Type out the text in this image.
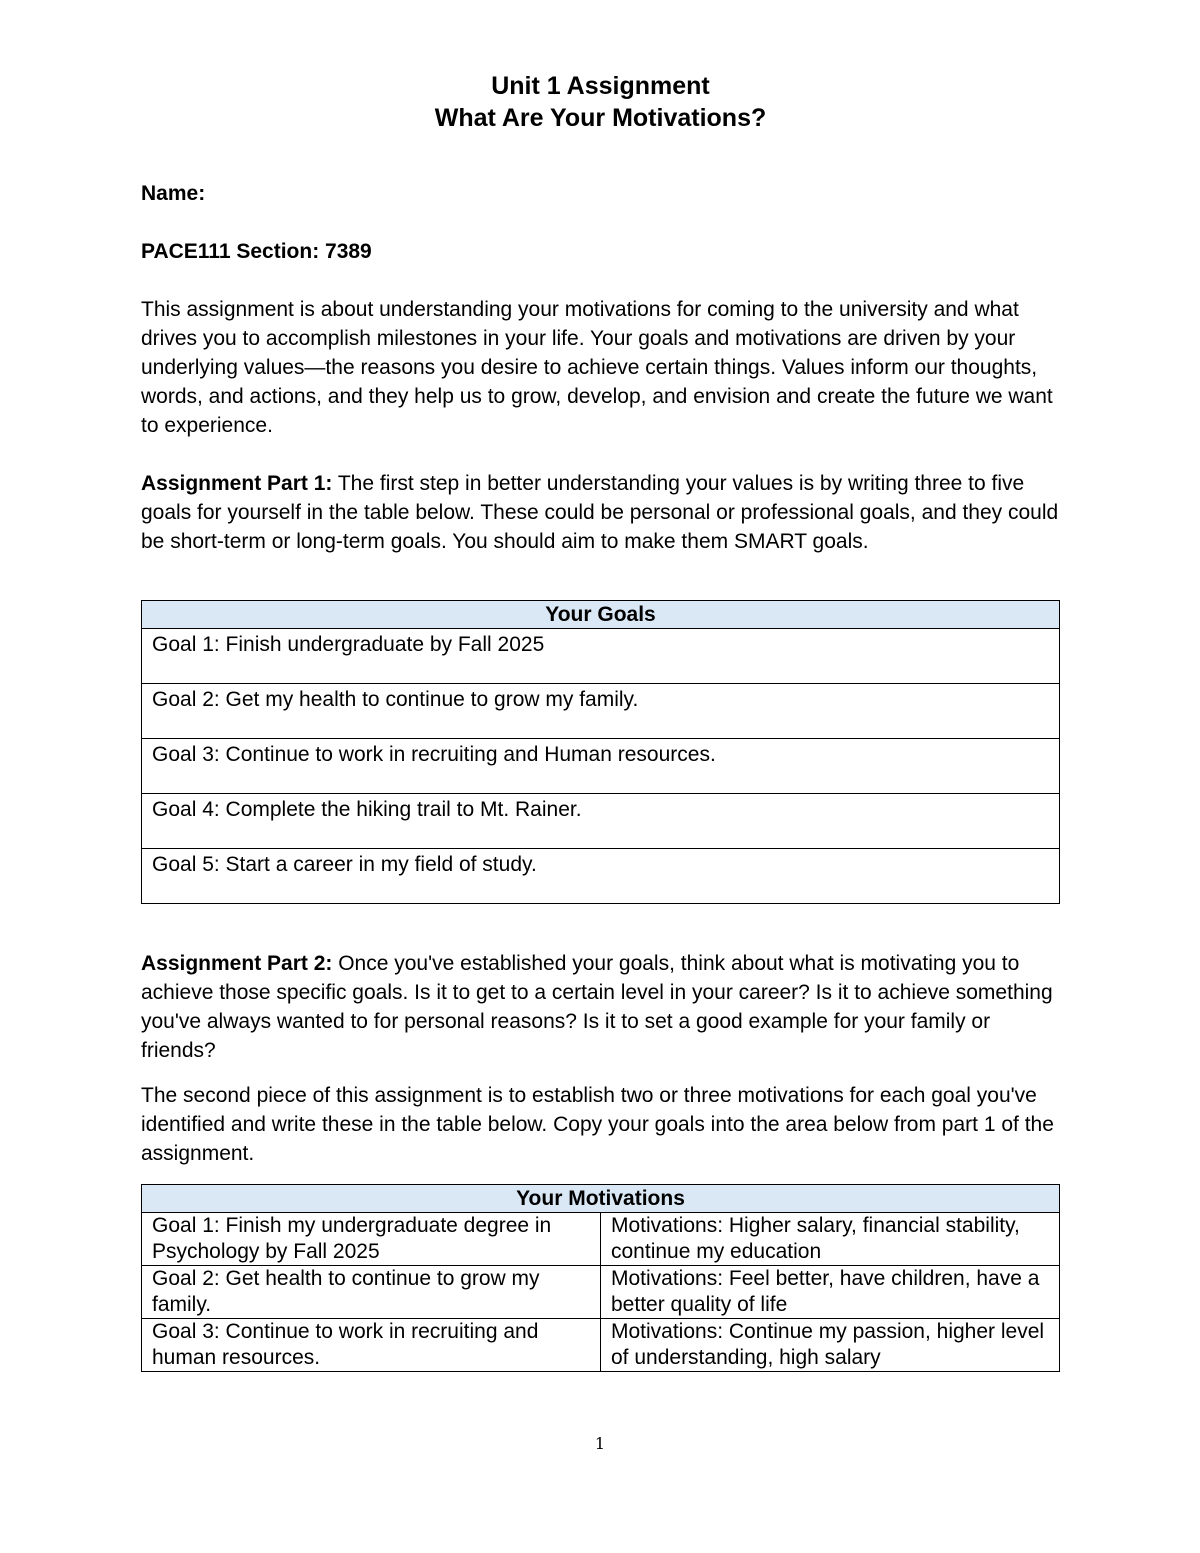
Unit 1 Assignment
What Are Your Motivations?
Name:
PACE111 Section: 7389

This assignment is about understanding your motivations for coming to the university and what drives you to accomplish milestones in your life. Your goals and motivations are driven by your underlying values—the reasons you desire to achieve certain things. Values inform our thoughts, words, and actions, and they help us to grow, develop, and envision and create the future we want to experience.

Assignment Part 1: The first step in better understanding your values is by writing three to five goals for yourself in the table below. These could be personal or professional goals, and they could be short-term or long-term goals. You should aim to make them SMART goals.

Your Goals
Goal 1: Finish undergraduate by Fall 2025
Goal 2: Get my health to continue to grow my family.
Goal 3: Continue to work in recruiting and Human resources.
Goal 4: Complete the hiking trail to Mt. Rainer.
Goal 5: Start a career in my field of study.

Assignment Part 2: Once you've established your goals, think about what is motivating you to achieve those specific goals. Is it to get to a certain level in your career? Is it to achieve something you've always wanted to for personal reasons? Is it to set a good example for your family or friends?

The second piece of this assignment is to establish two or three motivations for each goal you've identified and write these in the table below. Copy your goals into the area below from part 1 of the assignment.

Your Motivations	
Goal 1: Finish my undergraduate degree in Psychology by Fall 2025	Motivations: Higher salary, financial stability, continue my education
Goal 2: Get health to continue to grow my family.	Motivations: Feel better, have children, have a better quality of life
Goal 3: Continue to work in recruiting and human resources.	Motivations: Continue my passion, higher level of understanding, high salary
1
